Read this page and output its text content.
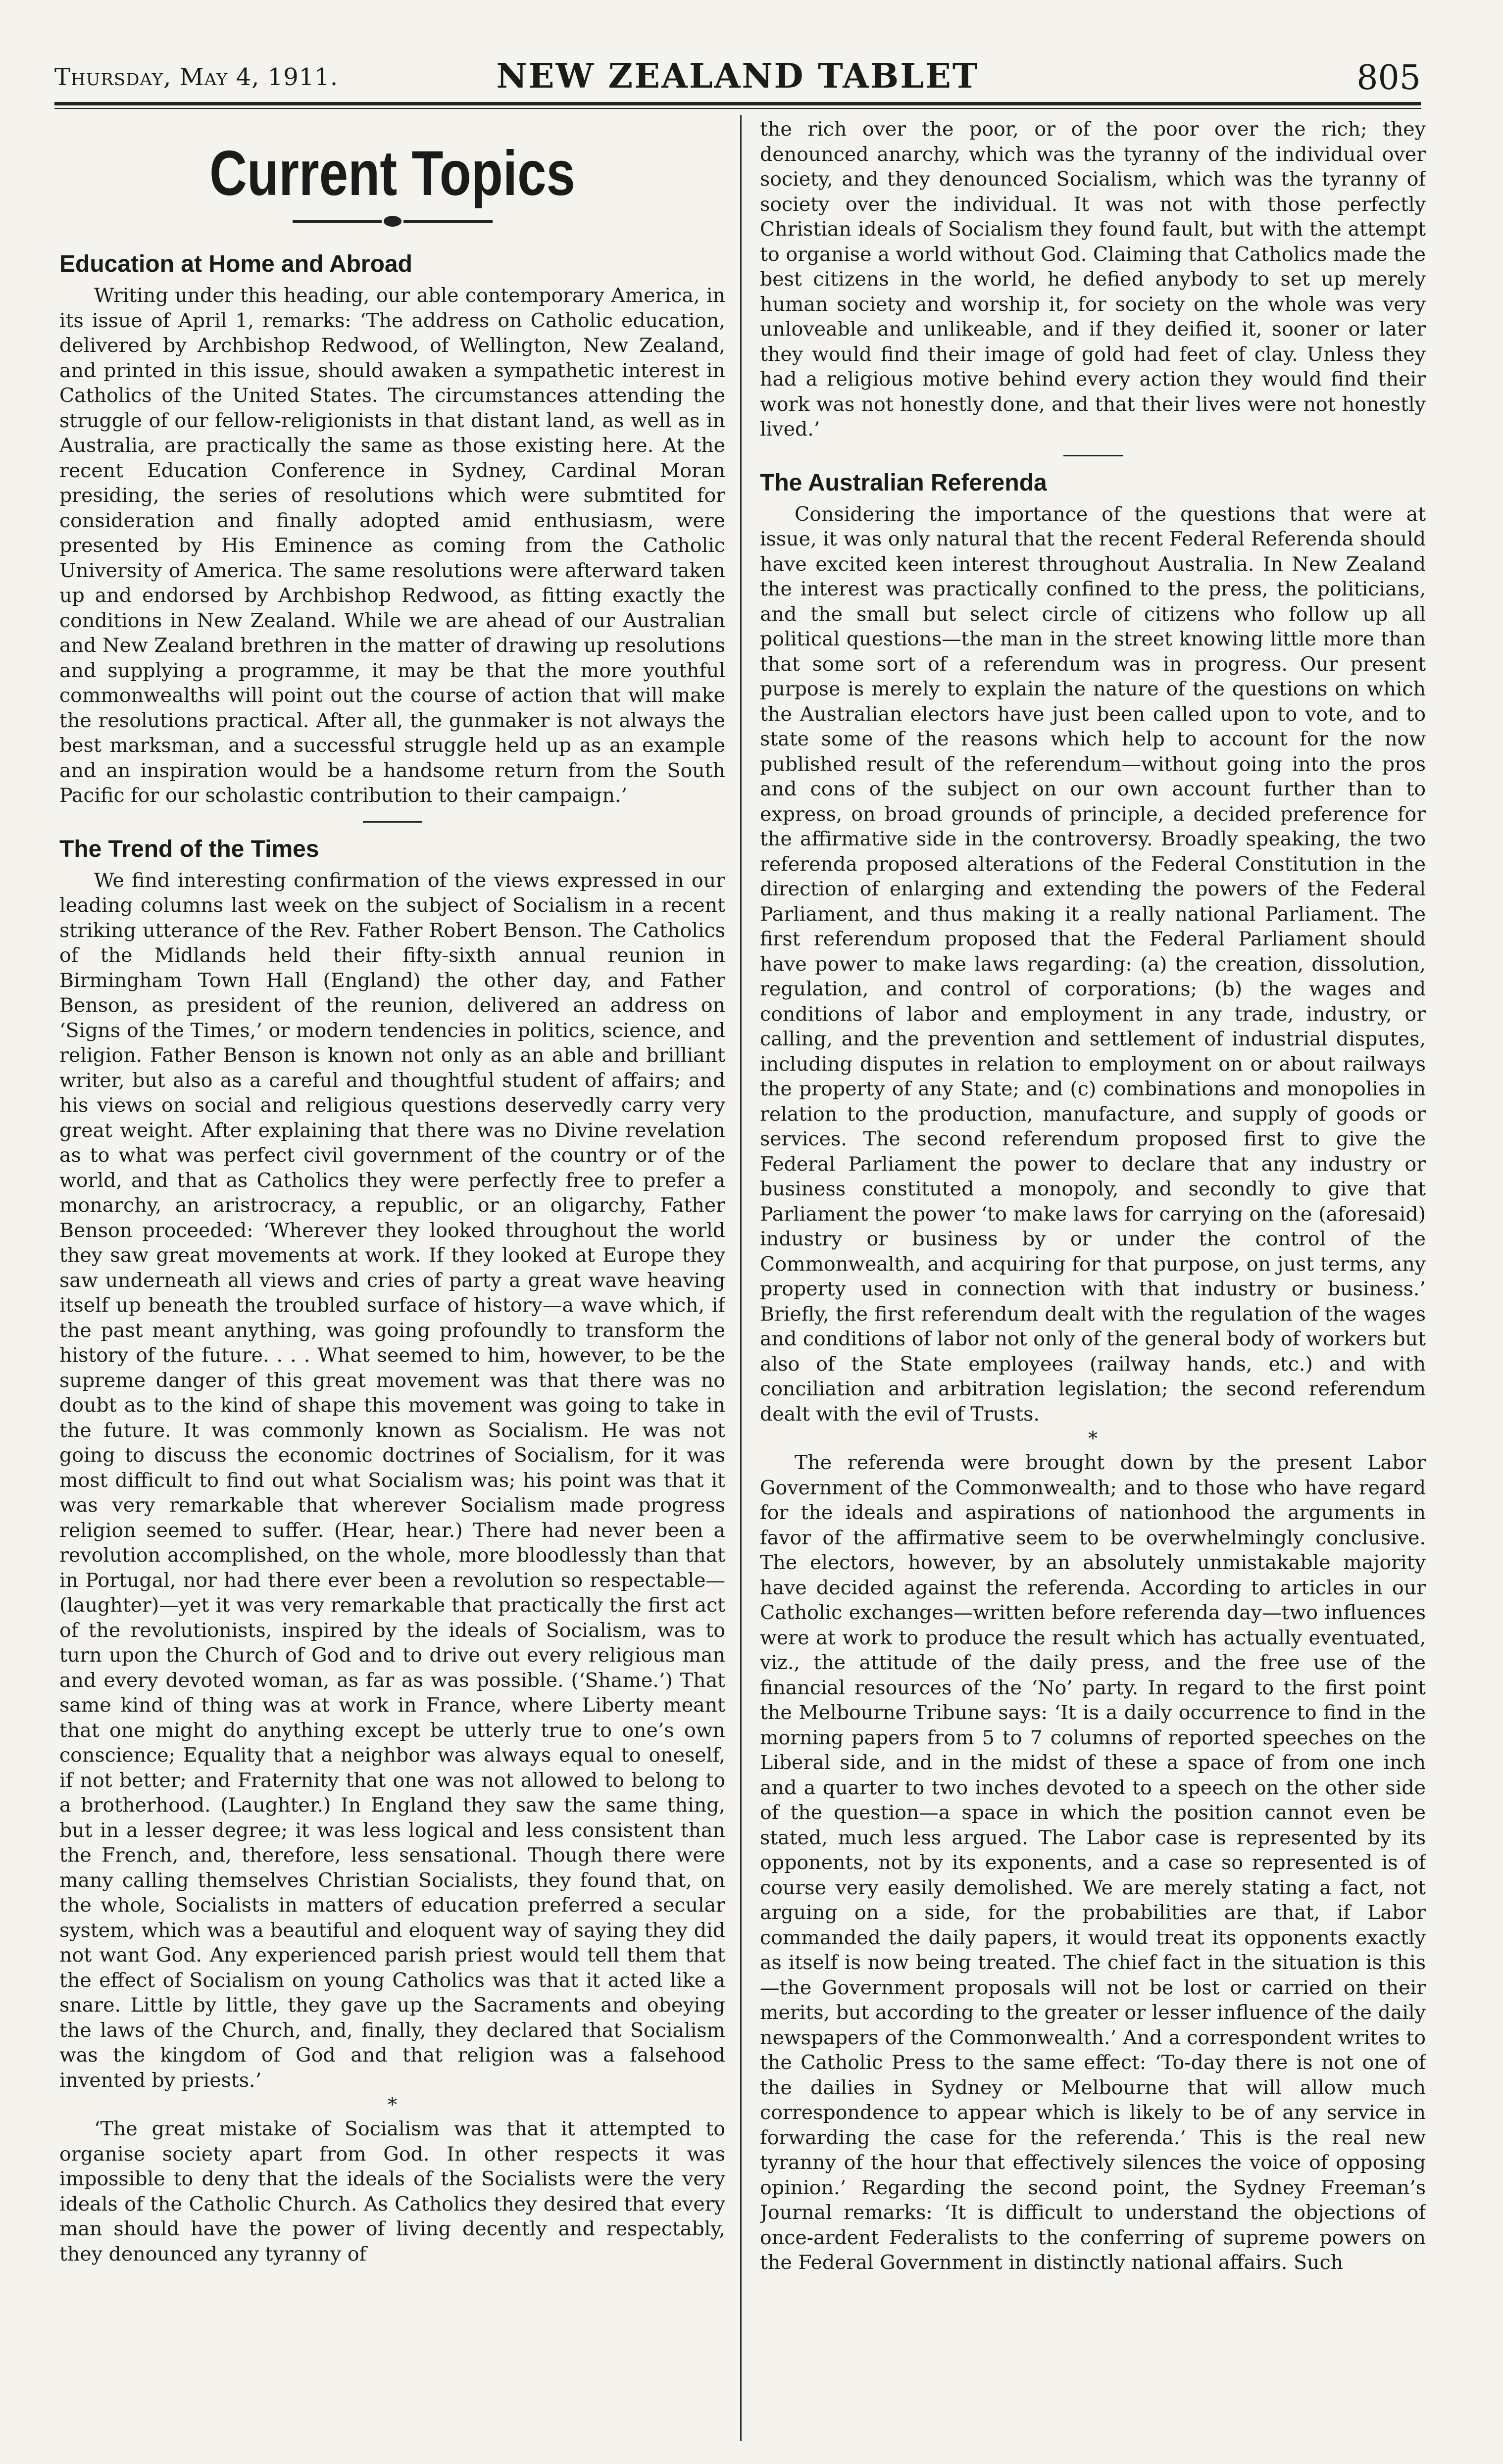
Thursday, May 4, 1911.	NEW ZEALAND TABLET	805
Current Topics
Education at Home and Abroad

Writing under this heading, our able contemporary America, in its issue of April 1, remarks: ‘The address on Catholic education, delivered by Archbishop Redwood, of Wellington, New Zealand, and printed in this issue, should awaken a sympathetic interest in Catholics of the United States. The circumstances attending the struggle of our fellow-religionists in that distant land, as well as in Australia, are practically the same as those existing here. At the recent Education Conference in Sydney, Cardinal Moran presiding, the series of resolutions which were submtited for consideration and finally adopted amid enthusiasm, were presented by His Eminence as coming from the Catholic University of America. The same resolutions were afterward taken up and endorsed by Archbishop Redwood, as fitting exactly the conditions in New Zealand. While we are ahead of our Australian and New Zealand brethren in the matter of drawing up resolutions and supplying a programme, it may be that the more youthful commonwealths will point out the course of action that will make the resolutions practical. After all, the gunmaker is not always the best marksman, and a successful struggle held up as an example and an inspiration would be a handsome return from the South Pacific for our scholastic contribution to their campaign.’

The Trend of the Times

We find interesting confirmation of the views expressed in our leading columns last week on the subject of Socialism in a recent striking utterance of the Rev. Father Robert Benson. The Catholics of the Midlands held their fifty-sixth annual reunion in Birmingham Town Hall (England) the other day, and Father Benson, as president of the reunion, delivered an address on ‘Signs of the Times,’ or modern tendencies in politics, science, and religion. Father Benson is known not only as an able and brilliant writer, but also as a careful and thoughtful student of affairs; and his views on social and religious questions deservedly carry very great weight. After explaining that there was no Divine revelation as to what was perfect civil government of the country or of the world, and that as Catholics they were perfectly free to prefer a monarchy, an aristrocracy, a republic, or an oligarchy, Father Benson proceeded: ‘Wherever they looked throughout the world they saw great movements at work. If they looked at Europe they saw underneath all views and cries of party a great wave heaving itself up beneath the troubled surface of history—a wave which, if the past meant anything, was going profoundly to transform the history of the future. . . . What seemed to him, however, to be the supreme danger of this great movement was that there was no doubt as to the kind of shape this movement was going to take in the future. It was commonly known as Socialism. He was not going to discuss the economic doctrines of Socialism, for it was most difficult to find out what Socialism was; his point was that it was very remarkable that wherever Socialism made progress religion seemed to suffer. (Hear, hear.) There had never been a revolution accomplished, on the whole, more bloodlessly than that in Portugal, nor had there ever been a revolution so respectable—(laughter)—yet it was very remarkable that practically the first act of the revolutionists, inspired by the ideals of Socialism, was to turn upon the Church of God and to drive out every religious man and every devoted woman, as far as was possible. (‘Shame.’) That same kind of thing was at work in France, where Liberty meant that one might do anything except be utterly true to one’s own conscience; Equality that a neighbor was always equal to oneself, if not better; and Fraternity that one was not allowed to belong to a brotherhood. (Laughter.) In England they saw the same thing, but in a lesser degree; it was less logical and less consistent than the French, and, therefore, less sensational. Though there were many calling themselves Christian Socialists, they found that, on the whole, Socialists in matters of education preferred a secular system, which was a beautiful and eloquent way of saying they did not want God. Any experienced parish priest would tell them that the effect of Socialism on young Catholics was that it acted like a snare. Little by little, they gave up the Sacraments and obeying the laws of the Church, and, finally, they declared that Socialism was the kingdom of God and that religion was a falsehood invented by priests.’

*

‘The great mistake of Socialism was that it attempted to organise society apart from God. In other respects it was impossible to deny that the ideals of the Socialists were the very ideals of the Catholic Church. As Catholics they desired that every man should have the power of living decently and respectably, they denounced any tyranny of

the rich over the poor, or of the poor over the rich; they denounced anarchy, which was the tyranny of the individual over society, and they denounced Socialism, which was the tyranny of society over the individual. It was not with those perfectly Christian ideals of Socialism they found fault, but with the attempt to organise a world without God. Claiming that Catholics made the best citizens in the world, he defied anybody to set up merely human society and worship it, for society on the whole was very unloveable and unlikeable, and if they deified it, sooner or later they would find their image of gold had feet of clay. Unless they had a religious motive behind every action they would find their work was not honestly done, and that their lives were not honestly lived.’

The Australian Referenda

Considering the importance of the questions that were at issue, it was only natural that the recent Federal Referenda should have excited keen interest throughout Australia. In New Zealand the interest was practically confined to the press, the politicians, and the small but select circle of citizens who follow up all political questions—the man in the street knowing little more than that some sort of a referendum was in progress. Our present purpose is merely to explain the nature of the questions on which the Australian electors have just been called upon to vote, and to state some of the reasons which help to account for the now published result of the referendum—without going into the pros and cons of the subject on our own account further than to express, on broad grounds of principle, a decided preference for the affirmative side in the controversy. Broadly speaking, the two referenda proposed alterations of the Federal Constitution in the direction of enlarging and extending the powers of the Federal Parliament, and thus making it a really national Parliament. The first referendum proposed that the Federal Parliament should have power to make laws regarding: (a) the creation, dissolution, regulation, and control of corporations; (b) the wages and conditions of labor and employment in any trade, industry, or calling, and the prevention and settlement of industrial disputes, including disputes in relation to employment on or about railways the property of any State; and (c) combinations and monopolies in relation to the production, manufacture, and supply of goods or services. The second referendum proposed first to give the Federal Parliament the power to declare that any industry or business constituted a monopoly, and secondly to give that Parliament the power ‘to make laws for carrying on the (aforesaid) industry or business by or under the control of the Commonwealth, and acquiring for that purpose, on just terms, any property used in connection with that industry or business.’ Briefly, the first referendum dealt with the regulation of the wages and conditions of labor not only of the general body of workers but also of the State employees (railway hands, etc.) and with conciliation and arbitration legislation; the second referendum dealt with the evil of Trusts.

*

The referenda were brought down by the present Labor Government of the Commonwealth; and to those who have regard for the ideals and aspirations of nationhood the arguments in favor of the affirmative seem to be overwhelmingly conclusive. The electors, however, by an absolutely unmistakable majority have decided against the referenda. According to articles in our Catholic exchanges—written before referenda day—two influences were at work to produce the result which has actually eventuated, viz., the attitude of the daily press, and the free use of the financial resources of the ‘No’ party. In regard to the first point the Melbourne Tribune says: ‘It is a daily occurrence to find in the morning papers from 5 to 7 columns of reported speeches on the Liberal side, and in the midst of these a space of from one inch and a quarter to two inches devoted to a speech on the other side of the question—a space in which the position cannot even be stated, much less argued. The Labor case is represented by its opponents, not by its exponents, and a case so represented is of course very easily demolished. We are merely stating a fact, not arguing on a side, for the probabilities are that, if Labor commanded the daily papers, it would treat its opponents exactly as itself is now being treated. The chief fact in the situation is this—the Government proposals will not be lost or carried on their merits, but according to the greater or lesser influence of the daily newspapers of the Commonwealth.’ And a correspondent writes to the Catholic Press to the same effect: ‘To-day there is not one of the dailies in Sydney or Melbourne that will allow much correspondence to appear which is likely to be of any service in forwarding the case for the referenda.’ This is the real new tyranny of the hour that effectively silences the voice of opposing opinion.’ Regarding the second point, the Sydney Freeman’s Journal remarks: ‘It is difficult to understand the objections of once-ardent Federalists to the conferring of supreme powers on the Federal Government in distinctly national affairs. Such
